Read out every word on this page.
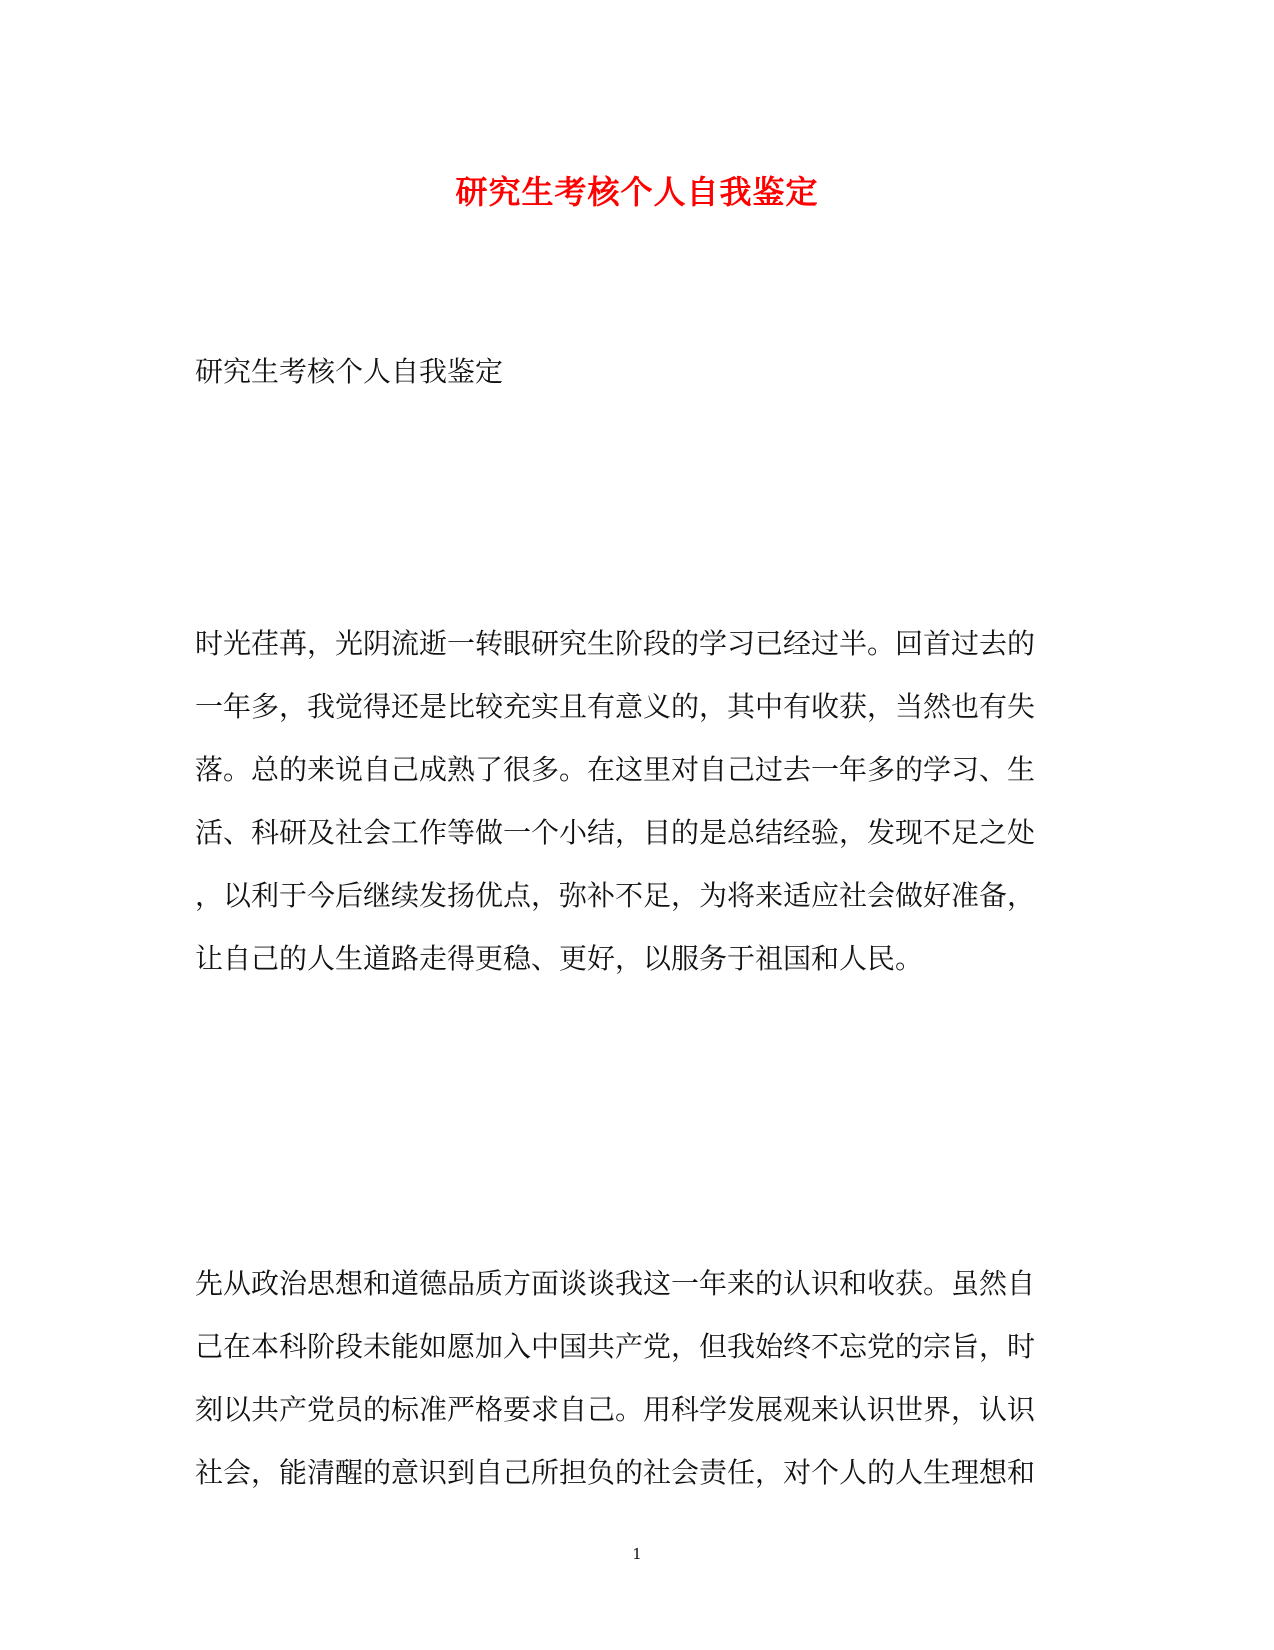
研究生考核个人自我鉴定
研究生考核个人自我鉴定

时光荏苒，光阴流逝一转眼研究生阶段的学习已经过半。回首过去的
一年多，我觉得还是比较充实且有意义的，其中有收获，当然也有失
落。总的来说自己成熟了很多。在这里对自己过去一年多的学习、生
活、科研及社会工作等做一个小结，目的是总结经验，发现不足之处
，以利于今后继续发扬优点，弥补不足，为将来适应社会做好准备，
让自己的人生道路走得更稳、更好，以服务于祖国和人民。

先从政治思想和道德品质方面谈谈我这一年来的认识和收获。虽然自
己在本科阶段未能如愿加入中国共产党，但我始终不忘党的宗旨，时
刻以共产党员的标准严格要求自己。用科学发展观来认识世界，认识
社会，能清醒的意识到自己所担负的社会责任，对个人的人生理想和

1
